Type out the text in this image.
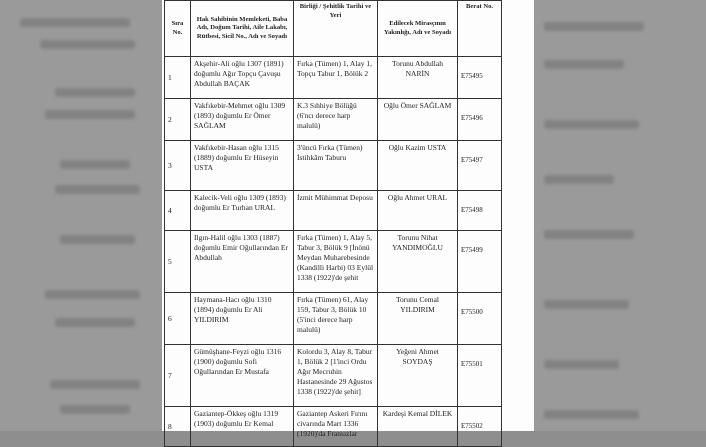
Sıra No.	Hak Sahibinin Memleketi, Baba Adı, Doğum Tarihi, Aile Lakabı, Rütbesi, Sicil No., Adı ve Soyadı	Birliği / Şehitlik Tarihi ve Yeri	Edilecek Mirasçının Yakınlığı, Adı ve Soyadı	Berat No.
1	Akşehir-Ali oğlu 1307 (1891) doğumlu Ağır Topçu Çavuşu Abdullah BAÇAK	Fırka (Tümen) 1, Alay 1, Topçu Tabur 1, Bölük 2	Torunu Abdullah NARİN	E75495
2	Vakfıkebir-Mehmet oğlu 1309 (1893) doğumlu Er Ömer SAĞLAM	K.3 Sıhhiye Bölüğü (6'ncı derece harp malulü)	Oğlu Ömer SAĞLAM	E75496
3	Vakfıkebir-Hasan oğlu 1315 (1889) doğumlu Er Hüseyin USTA	3'üncü Fırka (Tümen) İstihkâm Taburu	Oğlu Kazim USTA	E75497
4	Kalecik-Veli oğlu 1309 (1893) doğumlu Er Turhan URAL	İzmit Mühimmat Deposu	Oğlu Ahmet URAL	E75498
5	Ilgın-Halil oğlu 1303 (1887) doğumlu Emir Oğullarından Er Abdullah	Fırka (Tümen) 1, Alay 5, Tabur 3, Bölük 9 [İnönü Meydan Muharebesinde (Kandilli Harbi) 03 Eylül 1338 (1922)'de şehit	Torunu Nihat YANDIMOĞLU	E75499
6	Haymana-Hacı oğlu 1310 (1894) doğumlu Er Ali YILDIRIM	Fırka (Tümen) 61, Alay 159, Tabur 3, Bölük 10 (5'inci derece harp malulü)	Torunu Cemal YILDIRIM	E75500
7	Gümüşhane-Feyzi oğlu 1316 (1900) doğumlu Sofi Oğullarından Er Mustafa	Kolordu 3, Alay 8, Tabur 1, Bölük 2 [1'inci Ordu Ağır Mecruhin Hastanesinde 29 Ağustos 1338 (1922)'de şehit]	Yeğeni Ahmet SOYDAŞ	E75501
8	Gaziantep-Ökkeş oğlu 1319 (1903) doğumlu Er Kemal	Gaziantep Askeri Fırını civarında Mart 1336 (1920)'da Fransızlar	Kardeşi Kemal DİLEK	E75502
